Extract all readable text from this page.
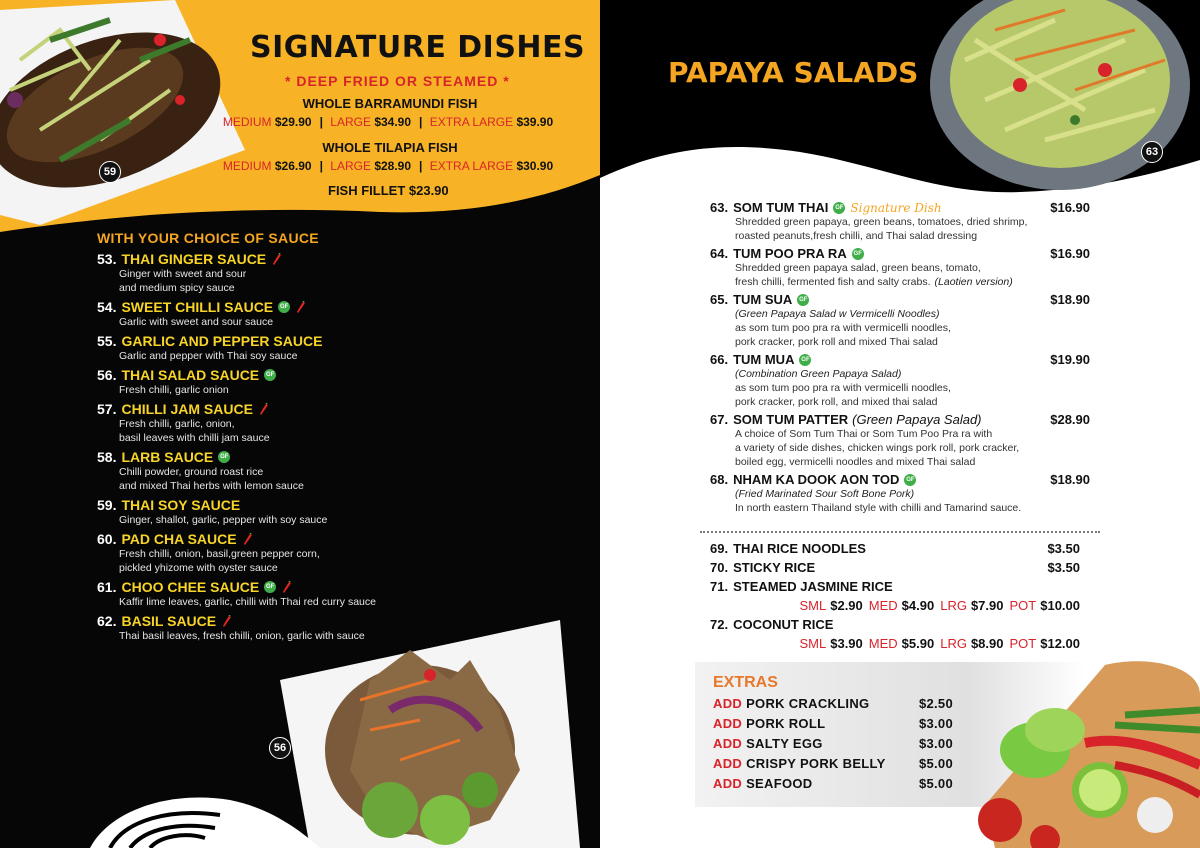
59
SIGNATURE DISHES
* DEEP FRIED OR STEAMED *
WHOLE BARRAMUNDI FISH
MEDIUM $29.90 | LARGE $34.90 | EXTRA LARGE $39.90
WHOLE TILAPIA FISH
MEDIUM $26.90 | LARGE $28.90 | EXTRA LARGE $30.90
FISH FILLET $23.90
WITH YOUR CHOICE OF SAUCE
53. THAI GINGER SAUCE
Ginger with sweet and sour
and medium spicy sauce
54. SWEET CHILLI SAUCE	GF
Garlic with sweet and sour sauce
55. GARLIC AND PEPPER SAUCE
Garlic and pepper with Thai soy sauce
56. THAI SALAD SAUCE	GF
Fresh chilli, garlic onion
57. CHILLI JAM SAUCE
Fresh chilli, garlic, onion,
basil leaves with chilli jam sauce
58. LARB SAUCE	GF
Chilli powder, ground roast rice
and mixed Thai herbs with lemon sauce
59. THAI SOY SAUCE
Ginger, shallot, garlic, pepper with soy sauce
60. PAD CHA SAUCE
Fresh chilli, onion, basil,green pepper corn,
pickled yhizome with oyster sauce
61. CHOO CHEE SAUCE	GF
Kaffir lime leaves, garlic, chilli with Thai red curry sauce
62. BASIL SAUCE
Thai basil leaves, fresh chilli, onion, garlic with sauce
56
PAPAYA SALADS
63
63. SOM TUM THAI	GF Signature Dish	$16.90
Shredded green papaya, green beans, tomatoes, dried shrimp,
roasted peanuts,fresh chilli, and Thai salad dressing
64. TUM POO PRA RA	GF	$16.90
Shredded green papaya salad, green beans, tomato,
fresh chilli, fermented fish and salty crabs. (Laotien version)
65. TUM SUA	GF	$18.90
(Green Papaya Salad w Vermicelli Noodles)
as som tum poo pra ra with vermicelli noodles,
pork cracker, pork roll and mixed Thai salad
66. TUM MUA	GF	$19.90
(Combination Green Papaya Salad)
as som tum poo pra ra with vermicelli noodles,
pork cracker, pork roll, and mixed thai salad
67. SOM TUM PATTER (Green Papaya Salad)	$28.90
A choice of Som Tum Thai or Som Tum Poo Pra ra with
a variety of side dishes, chicken wings pork roll, pork cracker,
boiled egg, vermicelli noodles and mixed Thai salad
68. NHAM KA DOOK AON TOD	GF	$18.90
(Fried Marinated Sour Soft Bone Pork)
In north eastern Thailand style with chilli and Tamarind sauce.
69. THAI RICE NOODLES	$3.50
70. STICKY RICE	$3.50
71. STEAMED JASMINE RICE
SML $2.90 MED $4.90 LRG $7.90 POT $10.00
72. COCONUT RICE
SML $3.90 MED $5.90 LRG $8.90 POT $12.00
EXTRAS
ADD PORK CRACKLING	$2.50
ADD PORK ROLL	$3.00
ADD SALTY EGG	$3.00
ADD CRISPY PORK BELLY	$5.00
ADD SEAFOOD	$5.00
